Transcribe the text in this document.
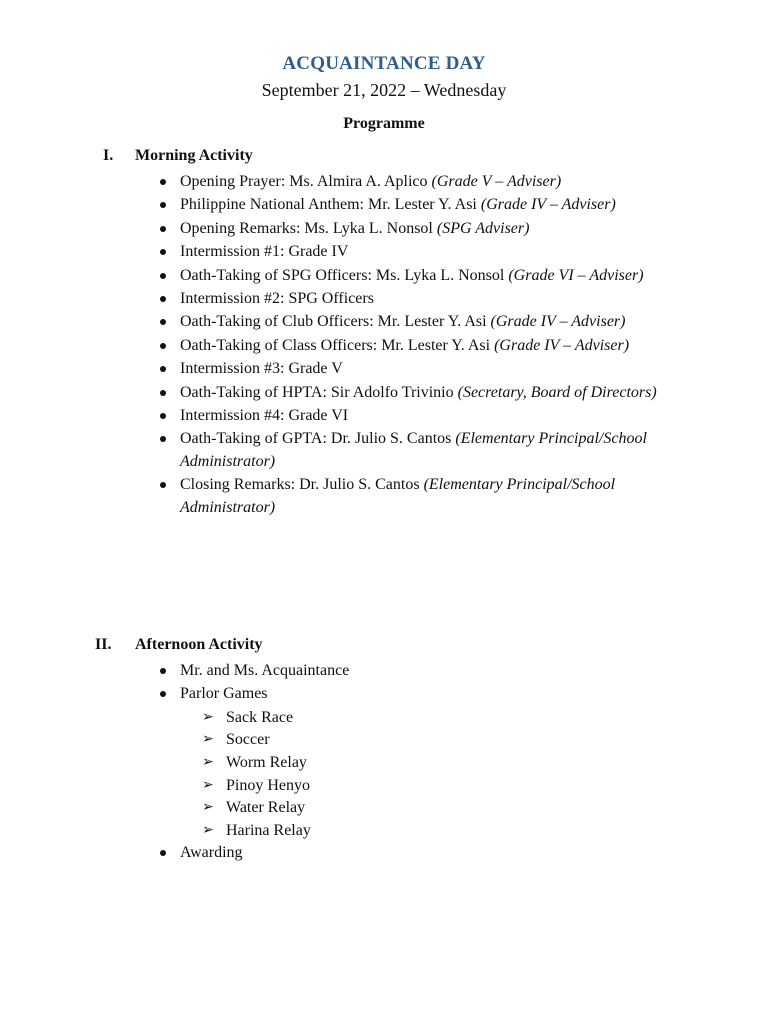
ACQUAINTANCE DAY
September 21, 2022 – Wednesday
Programme
I. Morning Activity
Opening Prayer: Ms. Almira A. Aplico (Grade V – Adviser)
Philippine National Anthem: Mr. Lester Y. Asi (Grade IV – Adviser)
Opening Remarks: Ms. Lyka L. Nonsol (SPG Adviser)
Intermission #1: Grade IV
Oath-Taking of SPG Officers: Ms. Lyka L. Nonsol (Grade VI – Adviser)
Intermission #2: SPG Officers
Oath-Taking of Club Officers: Mr. Lester Y. Asi (Grade IV – Adviser)
Oath-Taking of Class Officers: Mr. Lester Y. Asi (Grade IV – Adviser)
Intermission #3: Grade V
Oath-Taking of HPTA: Sir Adolfo Trivinio (Secretary, Board of Directors)
Intermission #4: Grade VI
Oath-Taking of GPTA: Dr. Julio S. Cantos (Elementary Principal/School Administrator)
Closing Remarks: Dr. Julio S. Cantos (Elementary Principal/School Administrator)
II. Afternoon Activity
Mr. and Ms. Acquaintance
Parlor Games
➢ Sack Race
➢ Soccer
➢ Worm Relay
➢ Pinoy Henyo
➢ Water Relay
➢ Harina Relay
Awarding
